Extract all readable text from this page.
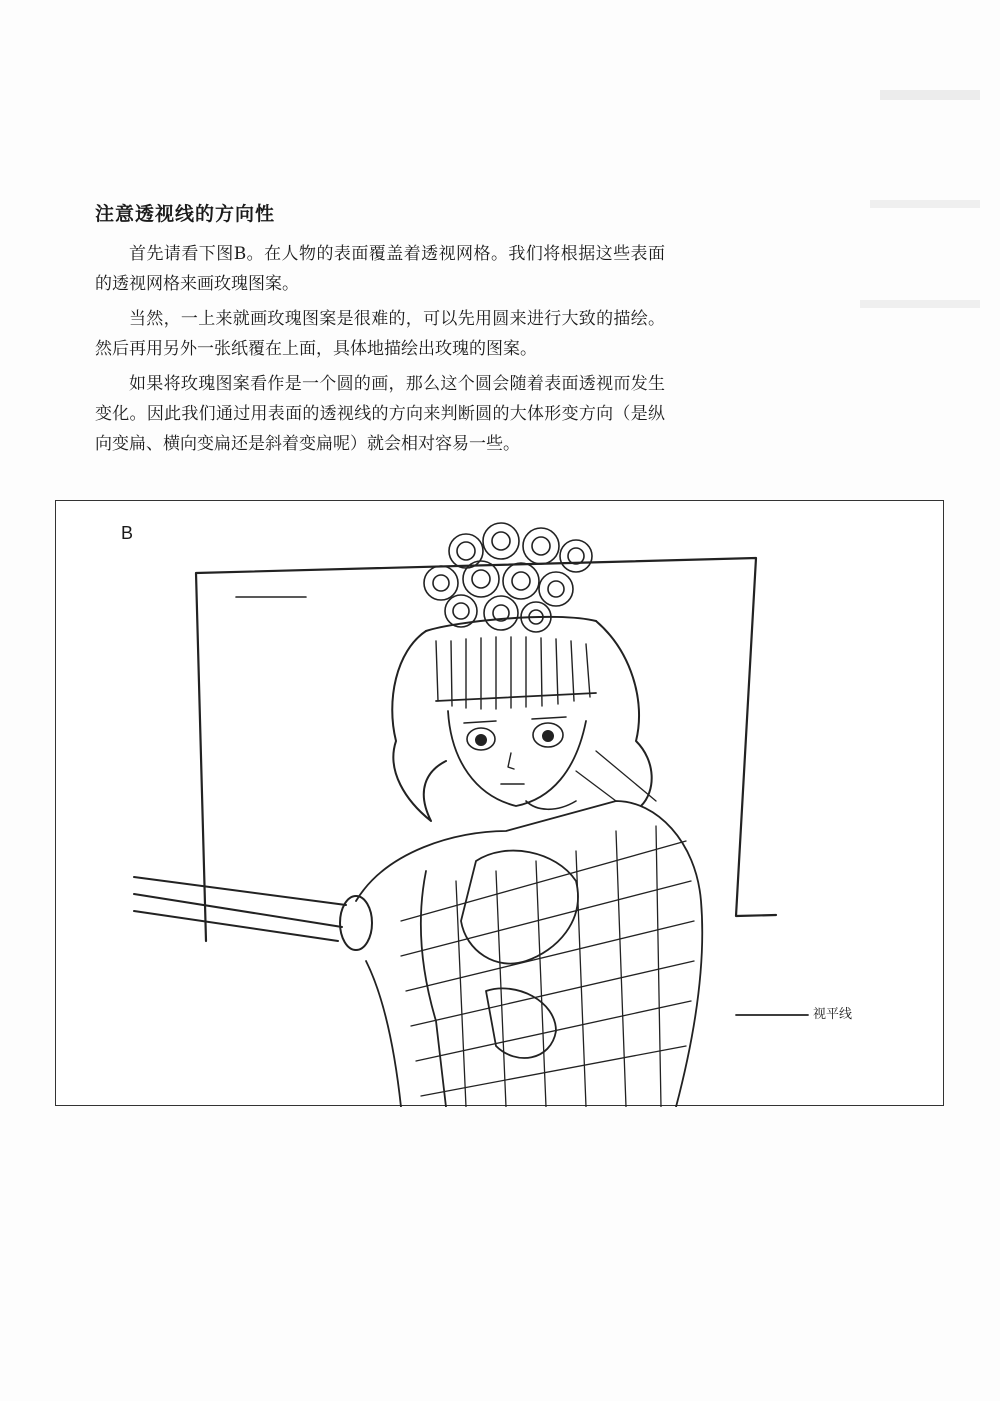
注意透视线的方向性

首先请看下图B。在人物的表面覆盖着透视网格。我们将根据这些表面的透视网格来画玫瑰图案。

当然，一上来就画玫瑰图案是很难的，可以先用圆来进行大致的描绘。然后再用另外一张纸覆在上面，具体地描绘出玫瑰的图案。

如果将玫瑰图案看作是一个圆的画，那么这个圆会随着表面透视而发生变化。因此我们通过用表面的透视线的方向来判断圆的大体形变方向（是纵向变扁、横向变扁还是斜着变扁呢）就会相对容易一些。

B
视平线
